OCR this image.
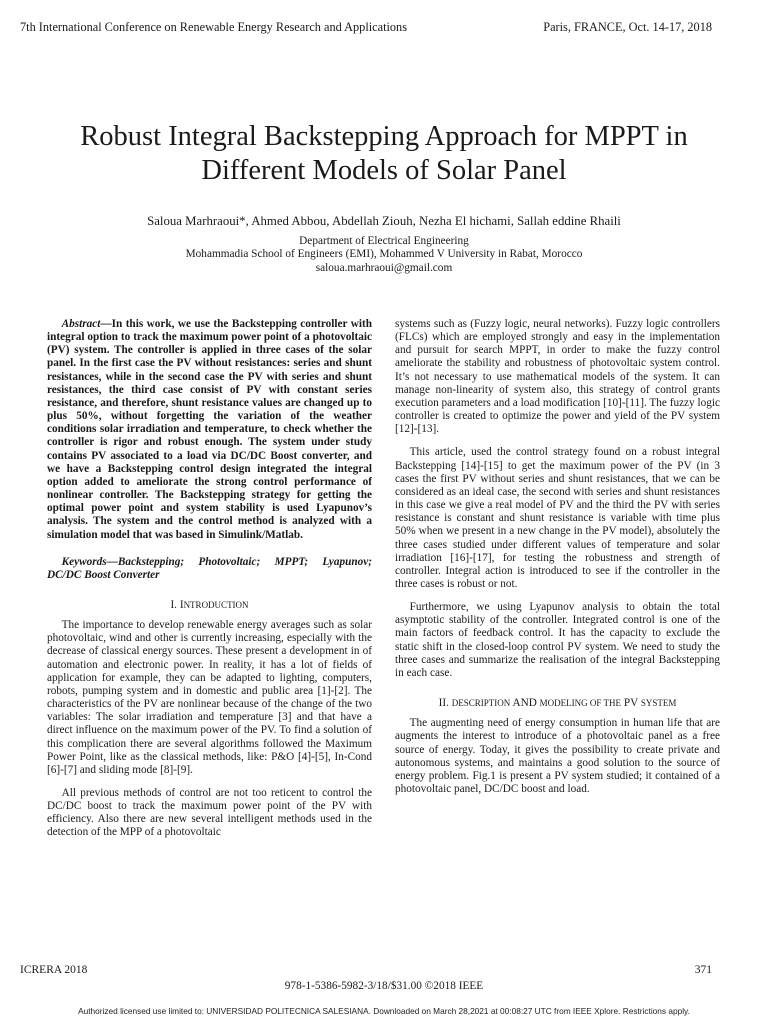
7th International Conference on Renewable Energy Research and Applications	Paris, FRANCE, Oct. 14-17, 2018
Robust Integral Backstepping Approach for MPPT in
Different Models of Solar Panel
Saloua Marhraoui*, Ahmed Abbou, Abdellah Ziouh, Nezha El hichami, Sallah eddine Rhaili
Department of Electrical Engineering
Mohammadia School of Engineers (EMI), Mohammed V University in Rabat, Morocco
saloua.marhraoui@gmail.com

Abstract—In this work, we use the Backstepping controller with integral option to track the maximum power point of a photovoltaic (PV) system. The controller is applied in three cases of the solar panel. In the first case the PV without resistances: series and shunt resistances, while in the second case the PV with series and shunt resistances, the third case consist of PV with constant series resistance, and therefore, shunt resistance values are changed up to plus 50%, without forgetting the variation of the weather conditions solar irradiation and temperature, to check whether the controller is rigor and robust enough. The system under study contains PV associated to a load via DC/DC Boost converter, and we have a Backstepping control design integrated the integral option added to ameliorate the strong control performance of nonlinear controller. The Backstepping strategy for getting the optimal power point and system stability is used Lyapunov’s analysis. The system and the control method is analyzed with a simulation model that was based in Simulink/Matlab.

Keywords—Backstepping; Photovoltaic; MPPT; Lyapunov; DC/DC Boost Converter

I. INTRODUCTION

The importance to develop renewable energy averages such as solar photovoltaic, wind and other is currently increasing, especially with the decrease of classical energy sources. These present a development in of automation and electronic power. In reality, it has a lot of fields of application for example, they can be adapted to lighting, computers, robots, pumping system and in domestic and public area [1]-[2]. The characteristics of the PV are nonlinear because of the change of the two variables: The solar irradiation and temperature [3] and that have a direct influence on the maximum power of the PV. To find a solution of this complication there are several algorithms followed the Maximum Power Point, like as the classical methods, like: P&O [4]-[5], In-Cond [6]-[7] and sliding mode [8]-[9].

All previous methods of control are not too reticent to control the DC/DC boost to track the maximum power point of the PV with efficiency. Also there are new several intelligent methods used in the detection of the MPP of a photovoltaic

systems such as (Fuzzy logic, neural networks). Fuzzy logic controllers (FLCs) which are employed strongly and easy in the implementation and pursuit for search MPPT, in order to make the fuzzy control ameliorate the stability and robustness of photovoltaic system control. It’s not necessary to use mathematical models of the system. It can manage non-linearity of system also, this strategy of control grants execution parameters and a load modification [10]-[11]. The fuzzy logic controller is created to optimize the power and yield of the PV system [12]-[13].

This article, used the control strategy found on a robust integral Backstepping [14]-[15] to get the maximum power of the PV (in 3 cases the first PV without series and shunt resistances, that we can be considered as an ideal case, the second with series and shunt resistances in this case we give a real model of PV and the third the PV with series resistance is constant and shunt resistance is variable with time plus 50% when we present in a new change in the PV model), absolutely the three cases studied under different values of temperature and solar irradiation [16]-[17], for testing the robustness and strength of controller. Integral action is introduced to see if the controller in the three cases is robust or not.

Furthermore, we using Lyapunov analysis to obtain the total asymptotic stability of the controller. Integrated control is one of the main factors of feedback control. It has the capacity to exclude the static shift in the closed-loop control PV system. We need to study the three cases and summarize the realisation of the integral Backstepping in each case.

II. DESCRIPTION AND MODELING OF THE PV SYSTEM

The augmenting need of energy consumption in human life that are augments the interest to introduce of a photovoltaic panel as a free source of energy. Today, it gives the possibility to create private and autonomous systems, and maintains a good solution to the source of energy problem. Fig.1 is present a PV system studied; it contained of a photovoltaic panel, DC/DC boost and load.

ICRERA 2018	371
978-1-5386-5982-3/18/$31.00 ©2018 IEEE
Authorized licensed use limited to: UNIVERSIDAD POLITECNICA SALESIANA. Downloaded on March 28,2021 at 00:08:27 UTC from IEEE Xplore. Restrictions apply.
